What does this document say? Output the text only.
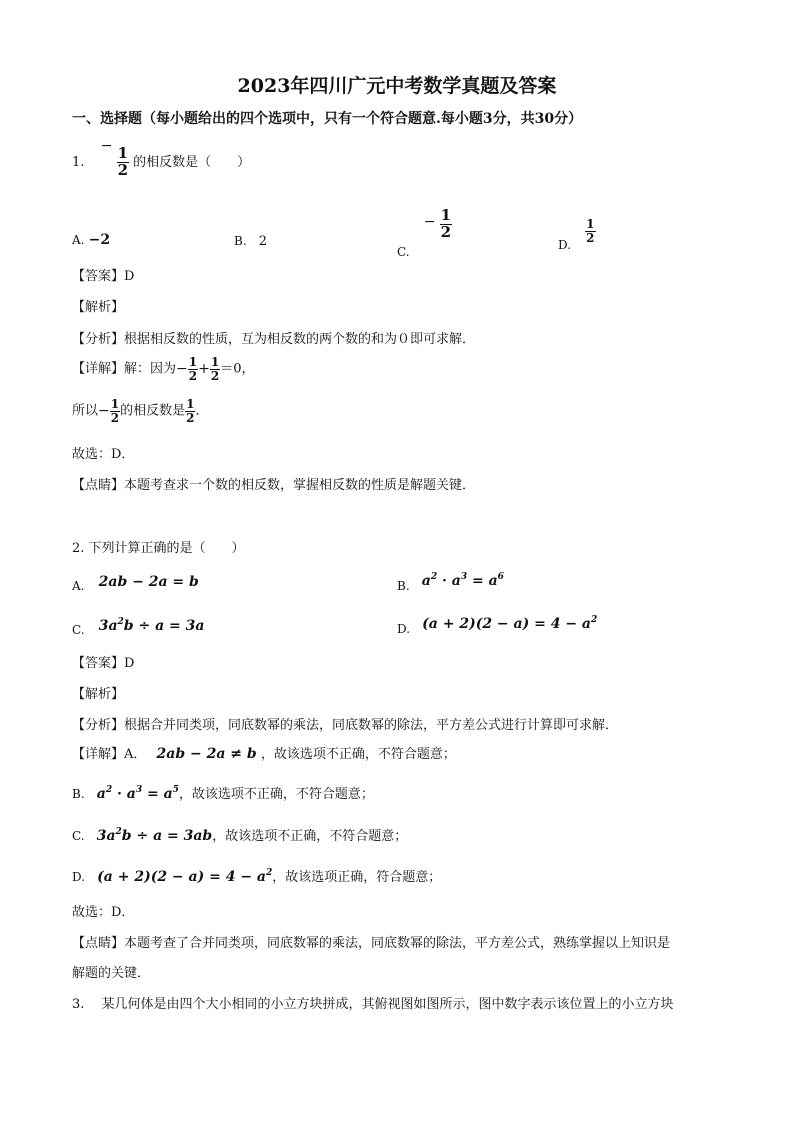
2023年四川广元中考数学真题及答案
一、选择题（每小题给出的四个选项中，只有一个符合题意.每小题3分，共30分）
1.  − $\frac{1}{2}$ 的相反数是（　　）
A. −2	B. 2
C. − $\frac{1}{2}$
D.
$\frac{1}{2}$
【答案】D
【解析】
【分析】根据相反数的性质，互为相反数的两个数的和为０即可求解．
【详解】解：因为− $\frac{1}{2} + \frac{1}{2} =0$，
所以− $\frac{1}{2}$ 的相反数是 $\frac{1}{2}$ ．
故选：D．
【点睛】本题考查求一个数的相反数，掌握相反数的性质是解题关键．
2. 下列计算正确的是（　　）
A. 2ab − 2a = b	B. $a^2 \cdot a^3 = a^6$
C. $3a^2b \div a = 3a$	D. $(a + 2)(2 - a) = 4 - a^2$
【答案】D
【解析】
【分析】根据合并同类项，同底数幂的乘法，同底数幂的除法，平方差公式进行计算即可求解．
【详解】A． 2ab − 2a ≠ b ，故该选项不正确，不符合题意；
B. $a^2 \cdot a^3 = a^5$，故该选项不正确，不符合题意；
C. $3a^2b \div a = 3ab$，故该选项不正确，不符合题意；
D. $(a + 2)(2 - a) = 4 - a^2$，故该选项正确，符合题意；
故选：D．
【点睛】本题考查了合并同类项，同底数幂的乘法，同底数幂的除法，平方差公式，熟练掌握以上知识是
解题的关键．
3.　 某几何体是由四个大小相同的小立方块拼成，其俯视图如图所示，图中数字表示该位置上的小立方块
